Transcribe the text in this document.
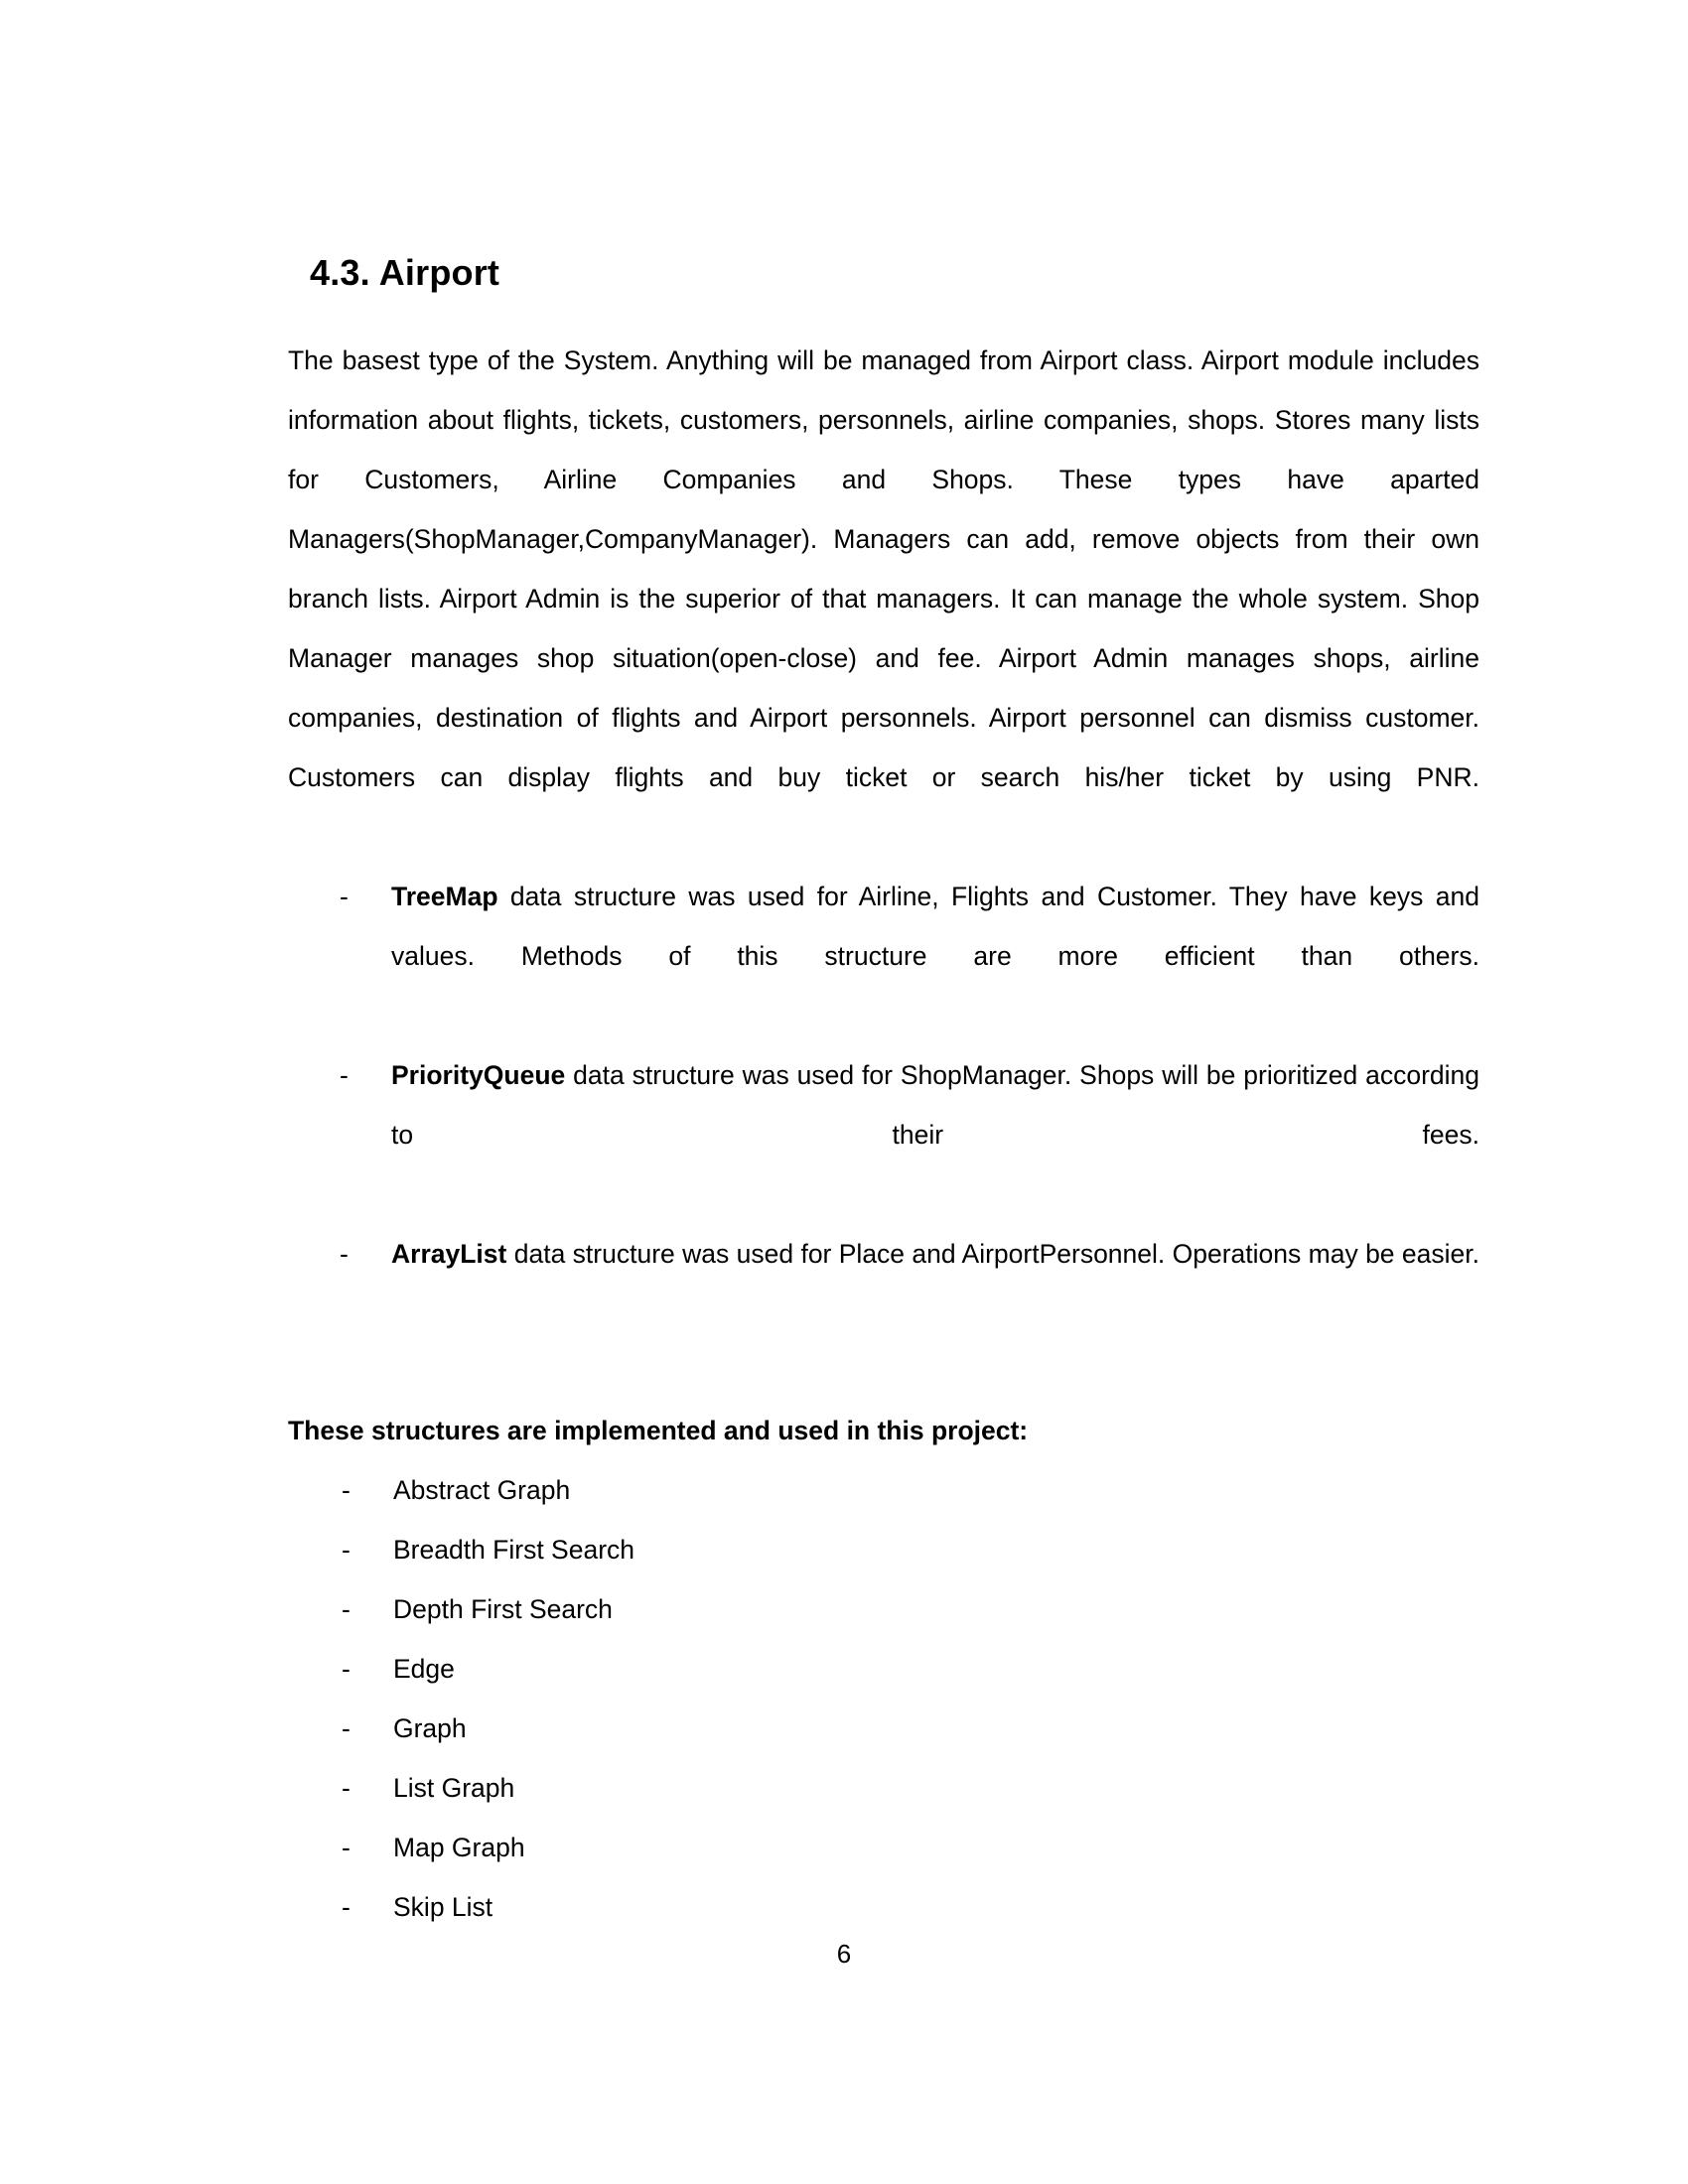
4.3. Airport

The basest type of the System. Anything will be managed from Airport class. Airport module includes information about flights, tickets, customers, personnels, airline companies, shops. Stores many lists for Customers, Airline Companies and Shops. These types have aparted Managers(ShopManager,CompanyManager). Managers can add, remove objects from their own branch lists. Airport Admin is the superior of that managers. It can manage the whole system. Shop Manager manages shop situation(open-close) and fee. Airport Admin manages shops, airline companies, destination of flights and Airport personnels. Airport personnel can dismiss customer. Customers can display flights and buy ticket or search his/her ticket by using PNR.

-	TreeMap data structure was used for Airline, Flights and Customer. They have keys and values. Methods of this structure are more efficient than others.
-	PriorityQueue data structure was used for ShopManager. Shops will be prioritized according to their fees.
-	ArrayList data structure was used for Place and AirportPersonnel. Operations may be easier.

These structures are implemented and used in this project:

-	Abstract Graph
-	Breadth First Search
-	Depth First Search
-	Edge
-	Graph
-	List Graph
-	Map Graph
-	Skip List
6
